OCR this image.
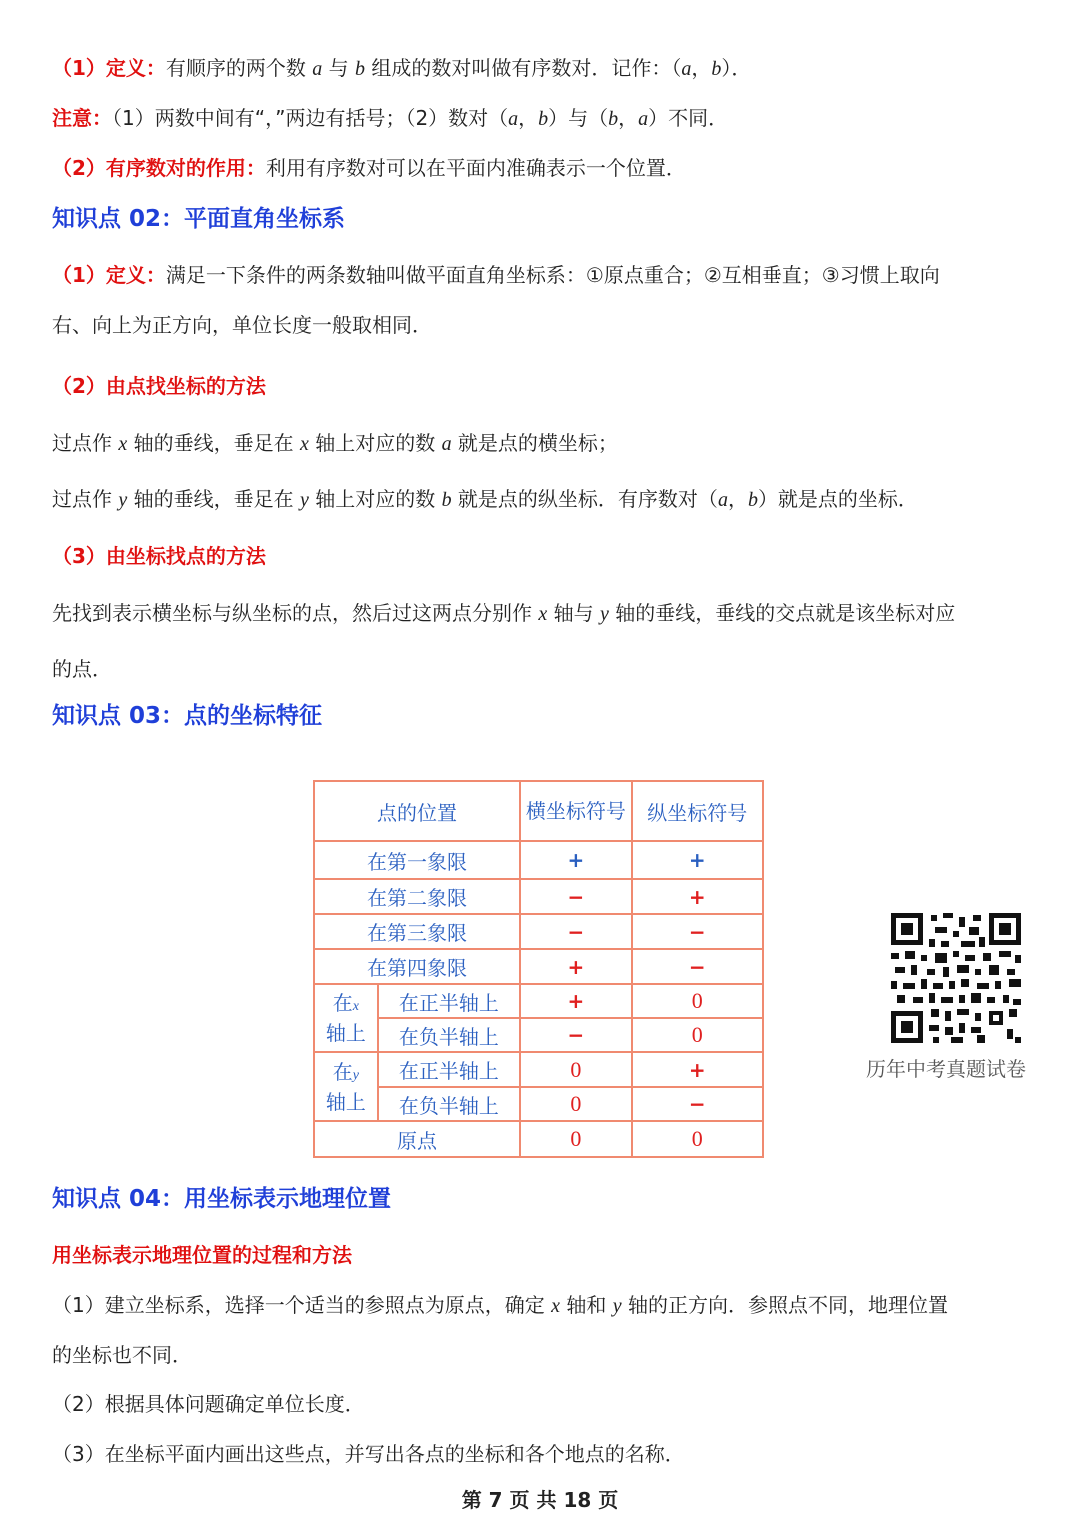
（1）定义：有顺序的两个数 a 与 b 组成的数对叫做有序数对．记作：（a，b）．
注意：（1）两数中间有“，”两边有括号；（2）数对（a，b）与（b，a）不同．
（2）有序数对的作用：利用有序数对可以在平面内准确表示一个位置．
知识点 02：平面直角坐标系
（1）定义：满足一下条件的两条数轴叫做平面直角坐标系：①原点重合；②互相垂直；③习惯上取向
右、向上为正方向，单位长度一般取相同．
（2）由点找坐标的方法
过点作 x 轴的垂线，垂足在 x 轴上对应的数 a 就是点的横坐标；
过点作 y 轴的垂线，垂足在 y 轴上对应的数 b 就是点的纵坐标．有序数对（a，b）就是点的坐标．
（3）由坐标找点的方法
先找到表示横坐标与纵坐标的点，然后过这两点分别作 x 轴与 y 轴的垂线，垂线的交点就是该坐标对应
的点．
知识点 03：点的坐标特征
点的位置		横坐标符号	纵坐标符号
在第一象限		+	+
在第二象限		−	+
在第三象限		−	−
在第四象限		+	−
在x
轴上	在正半轴上	+	0
	在负半轴上	−	0
在y
轴上	在正半轴上	0	+
	在负半轴上	0	−
原点		0	0
历年中考真题试卷
知识点 04：用坐标表示地理位置
用坐标表示地理位置的过程和方法
（1）建立坐标系，选择一个适当的参照点为原点，确定 x 轴和 y 轴的正方向．参照点不同，地理位置
的坐标也不同．
（2）根据具体问题确定单位长度．
（3）在坐标平面内画出这些点，并写出各点的坐标和各个地点的名称．
第 7 页 共 18 页
